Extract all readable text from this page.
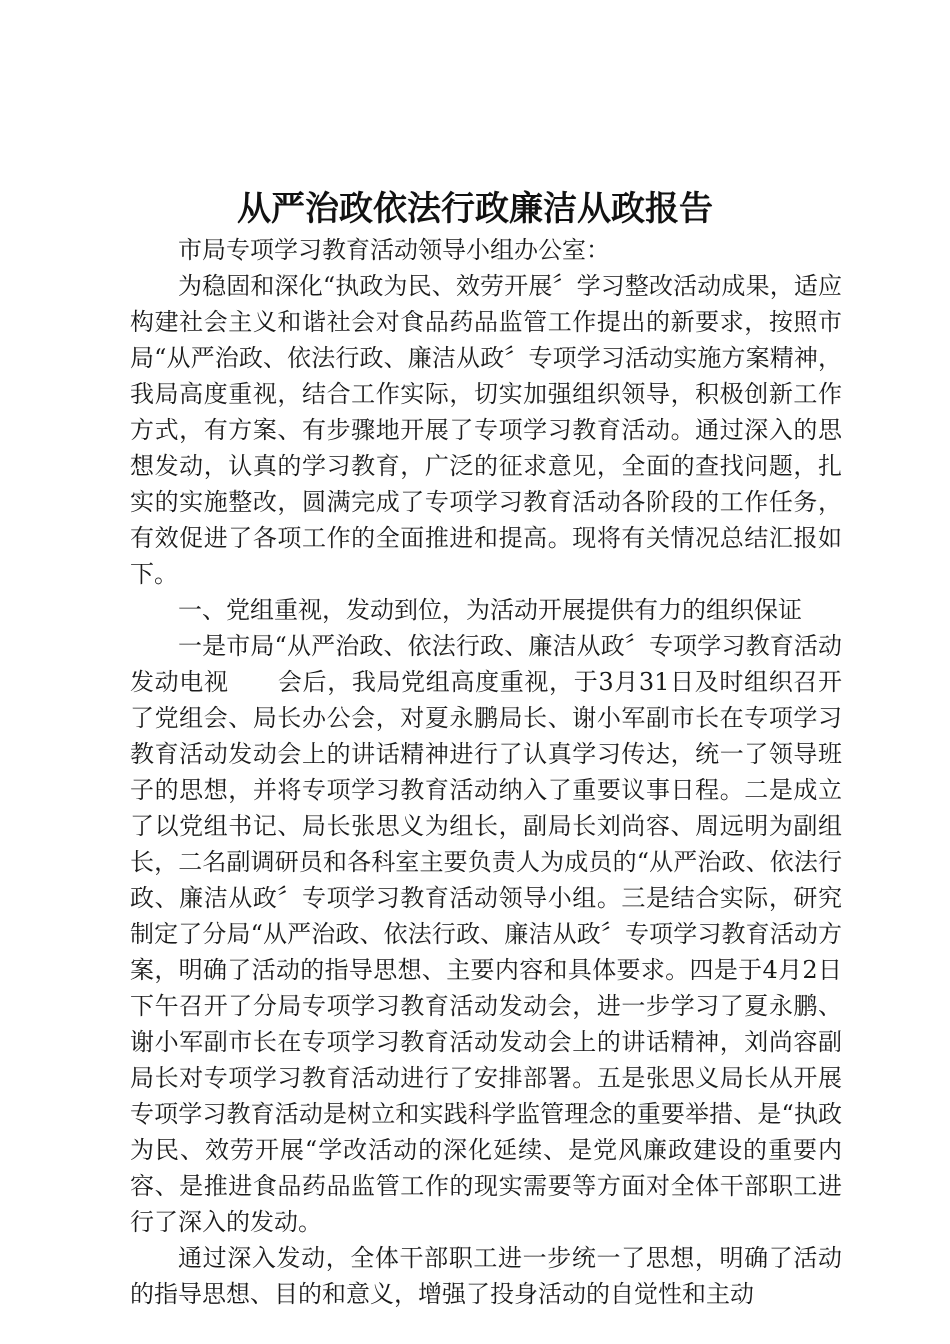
从严治政依法行政廉洁从政报告

市局专项学习教育活动领导小组办公室：

为稳固和深化“执政为民、效劳开展〞学习整改活动成果，适应构建社会主义和谐社会对食品药品监管工作提出的新要求，按照市局“从严治政、依法行政、廉洁从政〞专项学习活动实施方案精神，我局高度重视，结合工作实际，切实加强组织领导，积极创新工作方式，有方案、有步骤地开展了专项学习教育活动。通过深入的思想发动，认真的学习教育，广泛的征求意见，全面的查找问题，扎实的实施整改，圆满完成了专项学习教育活动各阶段的工作任务，有效促进了各项工作的全面推进和提高。现将有关情况总结汇报如下。

一、党组重视，发动到位，为活动开展提供有力的组织保证

一是市局“从严治政、依法行政、廉洁从政〞专项学习教育活动发动电视　　会后，我局党组高度重视，于3月31日及时组织召开了党组会、局长办公会，对夏永鹏局长、谢小军副市长在专项学习教育活动发动会上的讲话精神进行了认真学习传达，统一了领导班子的思想，并将专项学习教育活动纳入了重要议事日程。二是成立了以党组书记、局长张思义为组长，副局长刘尚容、周远明为副组长，二名副调研员和各科室主要负责人为成员的“从严治政、依法行政、廉洁从政〞专项学习教育活动领导小组。三是结合实际，研究制定了分局“从严治政、依法行政、廉洁从政〞专项学习教育活动方案，明确了活动的指导思想、主要内容和具体要求。四是于4月2日下午召开了分局专项学习教育活动发动会，进一步学习了夏永鹏、谢小军副市长在专项学习教育活动发动会上的讲话精神，刘尚容副局长对专项学习教育活动进行了安排部署。五是张思义局长从开展专项学习教育活动是树立和实践科学监管理念的重要举措、是“执政为民、效劳开展“学改活动的深化延续、是党风廉政建设的重要内容、是推进食品药品监管工作的现实需要等方面对全体干部职工进行了深入的发动。

通过深入发动，全体干部职工进一步统一了思想，明确了活动的指导思想、目的和意义，增强了投身活动的自觉性和主动
